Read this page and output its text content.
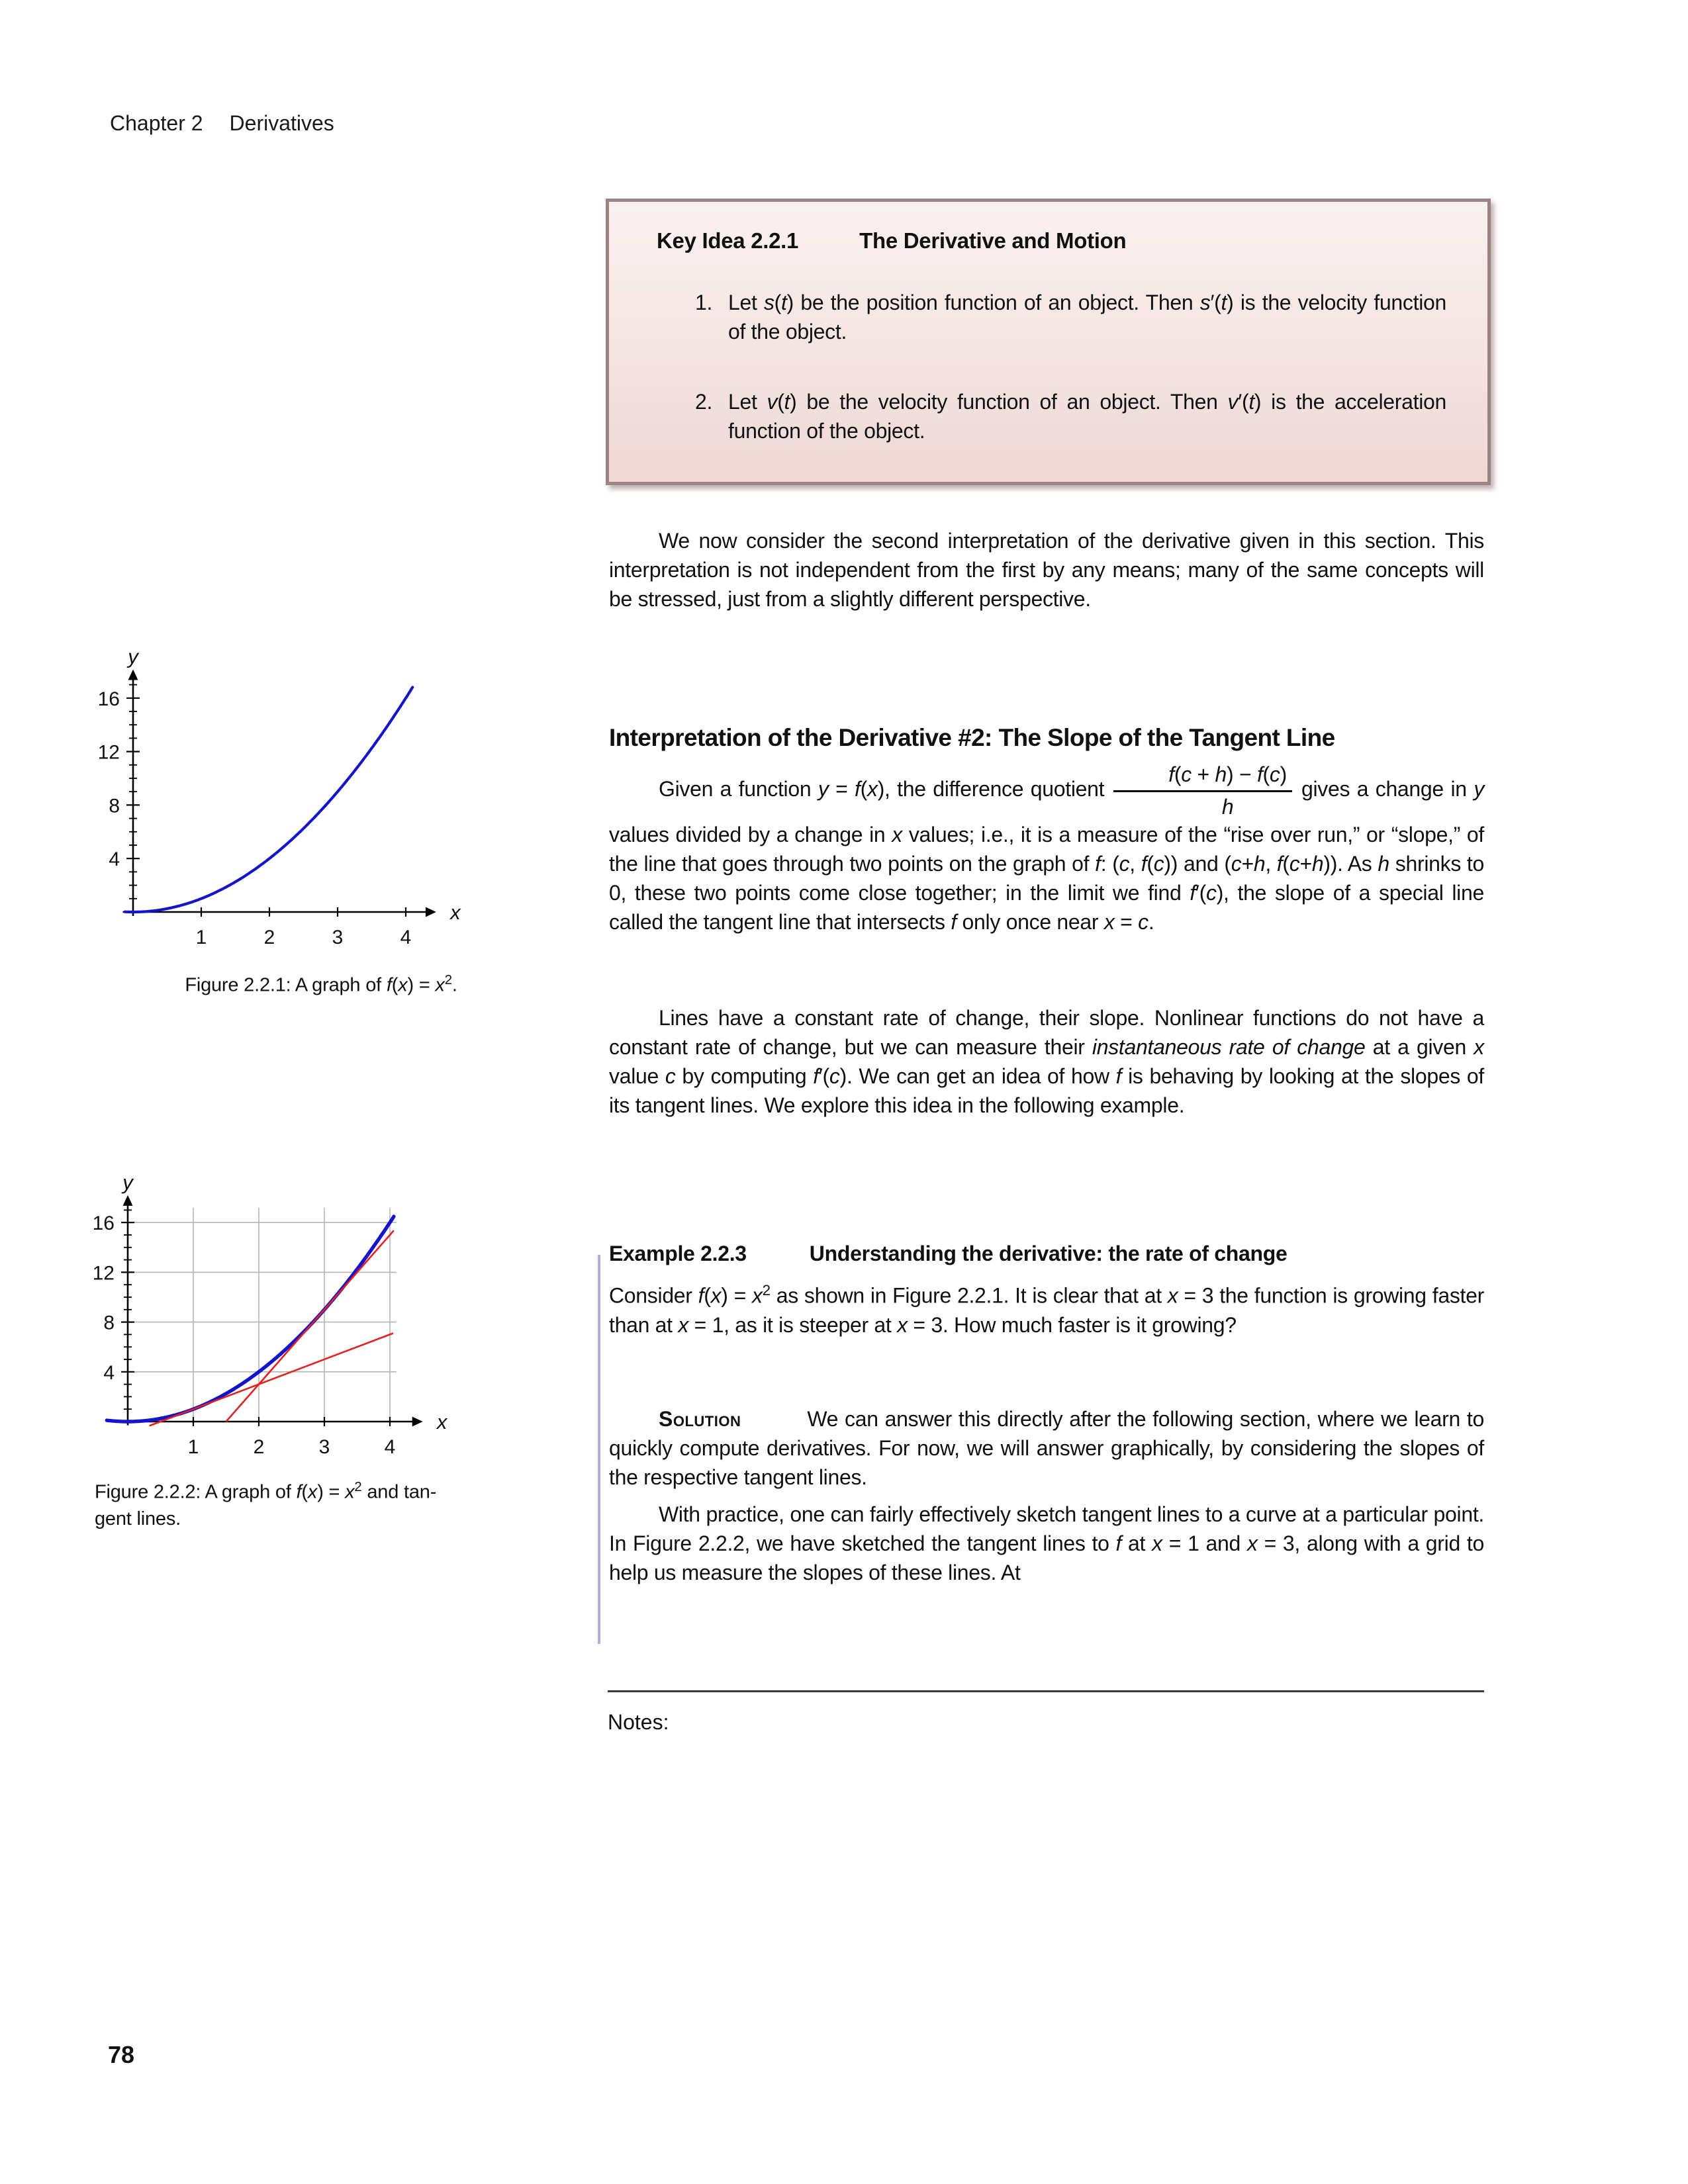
Chapter 2 Derivatives
Key Idea 2.2.1	The Derivative and Motion
1. Let s(t) be the position function of an object. Then s′(t) is the velocity function of the object.
2. Let v(t) be the velocity function of an object. Then v′(t) is the acceleration function of the object.

We now consider the second interpretation of the derivative given in this section. This interpretation is not independent from the first by any means; many of the same concepts will be stressed, just from a slightly different perspective.

Interpretation of the Derivative #2: The Slope of the Tangent Line

Given a function y = f(x), the difference quotient $\frac{f(c + h) - f(c)}{h}$ gives a change in y values divided by a change in x values; i.e., it is a measure of the “rise over run,” or “slope,” of the line that goes through two points on the graph of f: (c, f(c)) and (c+h, f(c+h)). As h shrinks to 0, these two points come close together; in the limit we find f′(c), the slope of a special line called the tangent line that intersects f only once near x = c.

Lines have a constant rate of change, their slope. Nonlinear functions do not have a constant rate of change, but we can measure their instantaneous rate of change at a given x value c by computing f′(c). We can get an idea of how f is behaving by looking at the slopes of its tangent lines. We explore this idea in the following example.

Example 2.2.3	Understanding the derivative: the rate of change

Consider $f(x) = x^2$ as shown in Figure 2.2.1. It is clear that at x = 3 the function is growing faster than at x = 1, as it is steeper at x = 3. How much faster is it growing?

Solution	We can answer this directly after the following section, where we learn to quickly compute derivatives. For now, we will answer graphically, by considering the slopes of the respective tangent lines.

With practice, one can fairly effectively sketch tangent lines to a curve at a particular point. In Figure 2.2.2, we have sketched the tangent lines to f at x = 1 and x = 3, along with a grid to help us measure the slopes of these lines. At

Notes:
1	2	3	4
4
8
12
16
x
y
Figure 2.2.1: A graph of $f(x) = x^2$.
1	2	3	4
4
8
12
16
x
y
Figure 2.2.2: A graph of $f(x) = x^2$ and tan-
gent lines.
78
